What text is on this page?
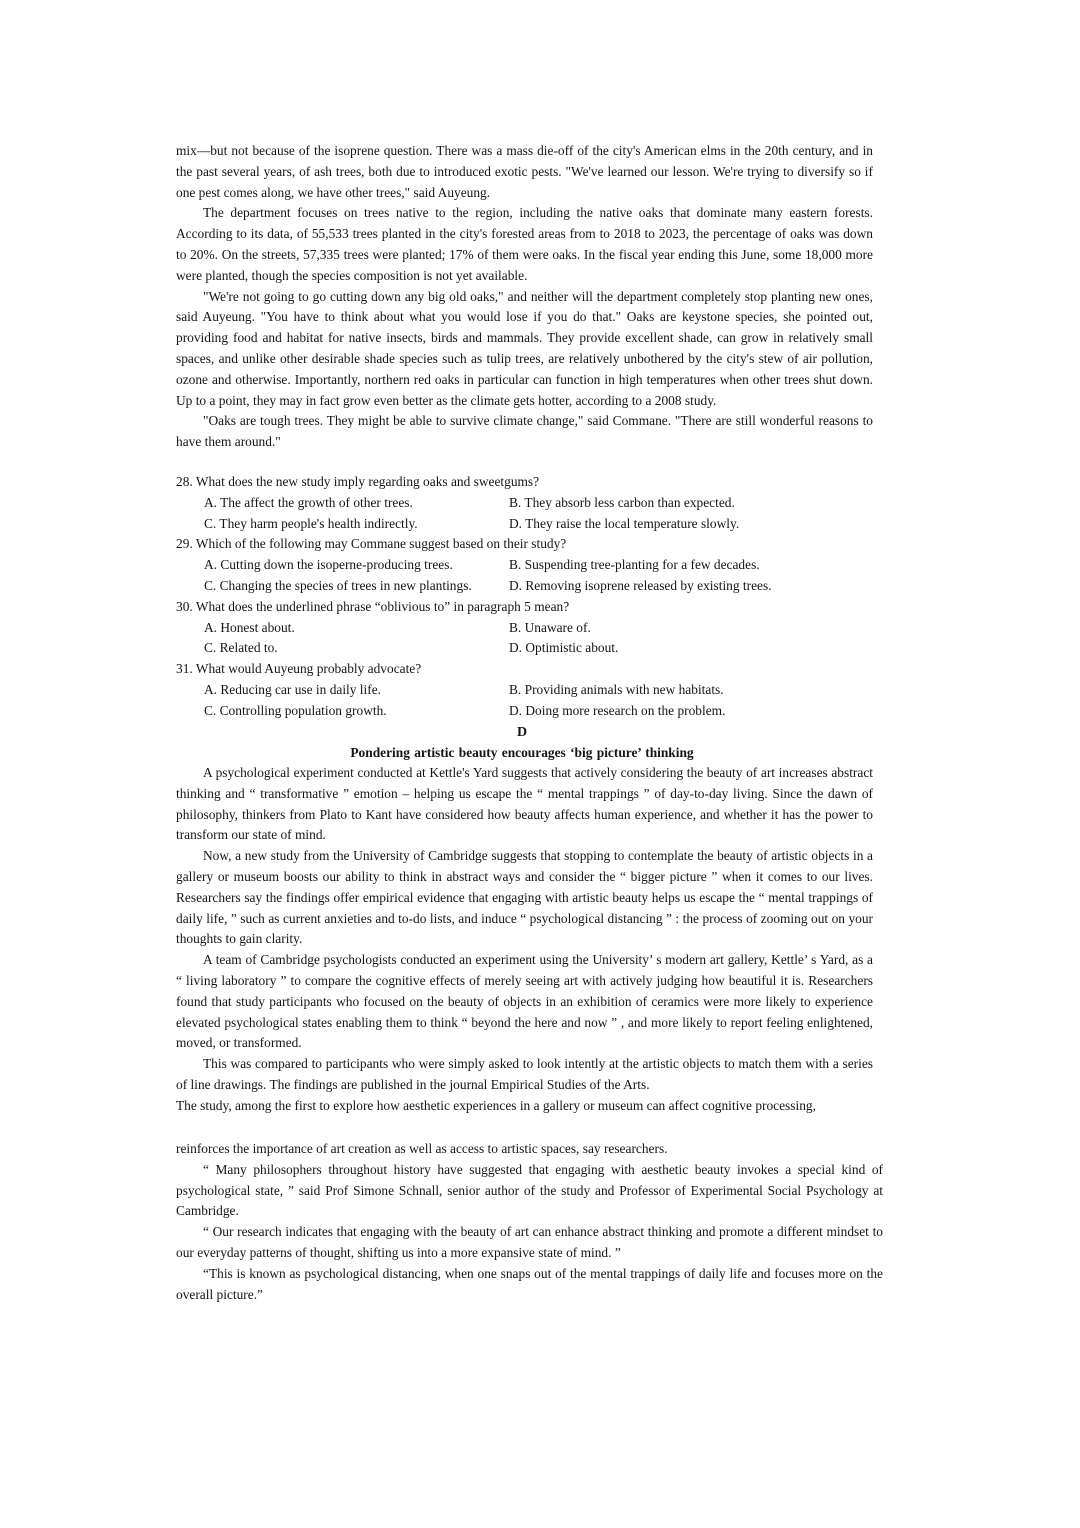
mix—but not because of the isoprene question. There was a mass die-off of the city's American elms in the 20th century, and in the past several years, of ash trees, both due to introduced exotic pests. "We've learned our lesson. We're trying to diversify so if one pest comes along, we have other trees," said Auyeung.

The department focuses on trees native to the region, including the native oaks that dominate many eastern forests. According to its data, of 55,533 trees planted in the city's forested areas from to 2018 to 2023, the percentage of oaks was down to 20%. On the streets, 57,335 trees were planted; 17% of them were oaks. In the fiscal year ending this June, some 18,000 more were planted, though the species composition is not yet available.

"We're not going to go cutting down any big old oaks," and neither will the department completely stop planting new ones, said Auyeung. "You have to think about what you would lose if you do that." Oaks are keystone species, she pointed out, providing food and habitat for native insects, birds and mammals. They provide excellent shade, can grow in relatively small spaces, and unlike other desirable shade species such as tulip trees, are relatively unbothered by the city's stew of air pollution, ozone and otherwise. Importantly, northern red oaks in particular can function in high temperatures when other trees shut down. Up to a point, they may in fact grow even better as the climate gets hotter, according to a 2008 study.

"Oaks are tough trees. They might be able to survive climate change," said Commane. "There are still wonderful reasons to have them around."

28. What does the new study imply regarding oaks and sweetgums?

A. The affect the growth of other trees.	B. They absorb less carbon than expected.
C. They harm people's health indirectly.	D. They raise the local temperature slowly.

29. Which of the following may Commane suggest based on their study?

A. Cutting down the isoperne-producing trees.	B. Suspending tree-planting for a few decades.
C. Changing the species of trees in new plantings.	D. Removing isoprene released by existing trees.

30. What does the underlined phrase “oblivious to” in paragraph 5 mean?

A. Honest about.	B. Unaware of.
C. Related to.	D. Optimistic about.

31. What would Auyeung probably advocate?

A. Reducing car use in daily life.	B. Providing animals with new habitats.
C. Controlling population growth.	D. Doing more research on the problem.
D
Pondering artistic beauty encourages ‘big picture’ thinking

A psychological experiment conducted at Kettle's Yard suggests that actively considering the beauty of art increases abstract thinking and “ transformative ” emotion – helping us escape the “ mental trappings ” of day-to-day living. Since the dawn of philosophy, thinkers from Plato to Kant have considered how beauty affects human experience, and whether it has the power to transform our state of mind.

Now, a new study from the University of Cambridge suggests that stopping to contemplate the beauty of artistic objects in a gallery or museum boosts our ability to think in abstract ways and consider the “ bigger picture ” when it comes to our lives. Researchers say the findings offer empirical evidence that engaging with artistic beauty helps us escape the “ mental trappings of daily life, ” such as current anxieties and to-do lists, and induce “ psychological distancing ” : the process of zooming out on your thoughts to gain clarity.

A team of Cambridge psychologists conducted an experiment using the University’ s modern art gallery, Kettle’ s Yard, as a “ living laboratory ” to compare the cognitive effects of merely seeing art with actively judging how beautiful it is. Researchers found that study participants who focused on the beauty of objects in an exhibition of ceramics were more likely to experience elevated psychological states enabling them to think “ beyond the here and now ” , and more likely to report feeling enlightened, moved, or transformed.

This was compared to participants who were simply asked to look intently at the artistic objects to match them with a series of line drawings. The findings are published in the journal Empirical Studies of the Arts.

The study, among the first to explore how aesthetic experiences in a gallery or museum can affect cognitive processing,

reinforces the importance of art creation as well as access to artistic spaces, say researchers.

“ Many philosophers throughout history have suggested that engaging with aesthetic beauty invokes a special kind of psychological state, ” said Prof Simone Schnall, senior author of the study and Professor of Experimental Social Psychology at Cambridge.

“ Our research indicates that engaging with the beauty of art can enhance abstract thinking and promote a different mindset to our everyday patterns of thought, shifting us into a more expansive state of mind. ”

“This is known as psychological distancing, when one snaps out of the mental trappings of daily life and focuses more on the overall picture.”
